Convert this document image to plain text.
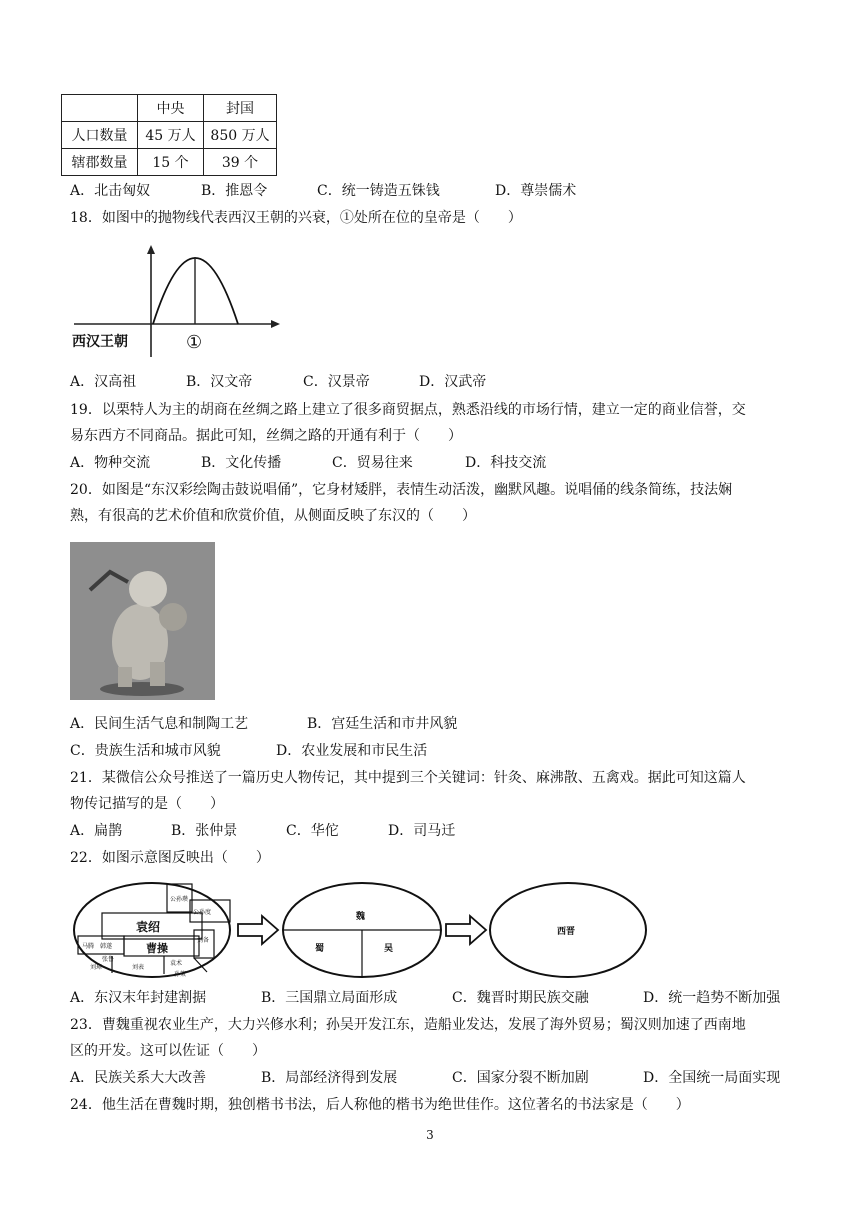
	中央	封国
人口数量	45 万人	850 万人
辖郡数量	15 个	39 个
A．北击匈奴	B．推恩令	C．统一铸造五铢钱	D．尊崇儒术
18．如图中的抛物线代表西汉王朝的兴衰，①处所在位的皇帝是（　　）
西汉王朝	①
A．汉高祖	B．汉文帝	C．汉景帝	D．汉武帝
19．以栗特人为主的胡商在丝绸之路上建立了很多商贸据点，熟悉沿线的市场行情，建立一定的商业信誉，交
易东西方不同商品。据此可知，丝绸之路的开通有利于（　　）
A．物种交流	B．文化传播	C．贸易往来	D．科技交流
20．如图是“东汉彩绘陶击鼓说唱俑”，它身材矮胖，表情生动活泼，幽默风趣。说唱俑的线条简练，技法娴
熟，有很高的艺术价值和欣赏价值，从侧面反映了东汉的（　　）
A．民间生活气息和制陶工艺	B．宫廷生活和市井风貌
C．贵族生活和城市风貌	D．农业发展和市民生活
21．某微信公众号推送了一篇历史人物传记，其中提到三个关键词：针灸、麻沸散、五禽戏。据此可知这篇人
物传记描写的是（　　）
A．扁鹊	B．张仲景	C．华佗	D．司马迁
22．如图示意图反映出（　　）
袁绍
曹操
公孙瓒
公孙度
马腾 韩遂
张鲁
刘璋	刘表
孙策
袁术
刘备
魏
蜀	吴
西晋
A．东汉末年封建割据	B．三国鼎立局面形成	C．魏晋时期民族交融	D．统一趋势不断加强
23．曹魏重视农业生产，大力兴修水利；孙吴开发江东，造船业发达，发展了海外贸易；蜀汉则加速了西南地
区的开发。这可以佐证（　　）
A．民族关系大大改善	B．局部经济得到发展	C．国家分裂不断加剧	D．全国统一局面实现
24．他生活在曹魏时期，独创楷书书法，后人称他的楷书为绝世佳作。这位著名的书法家是（　　）
3
